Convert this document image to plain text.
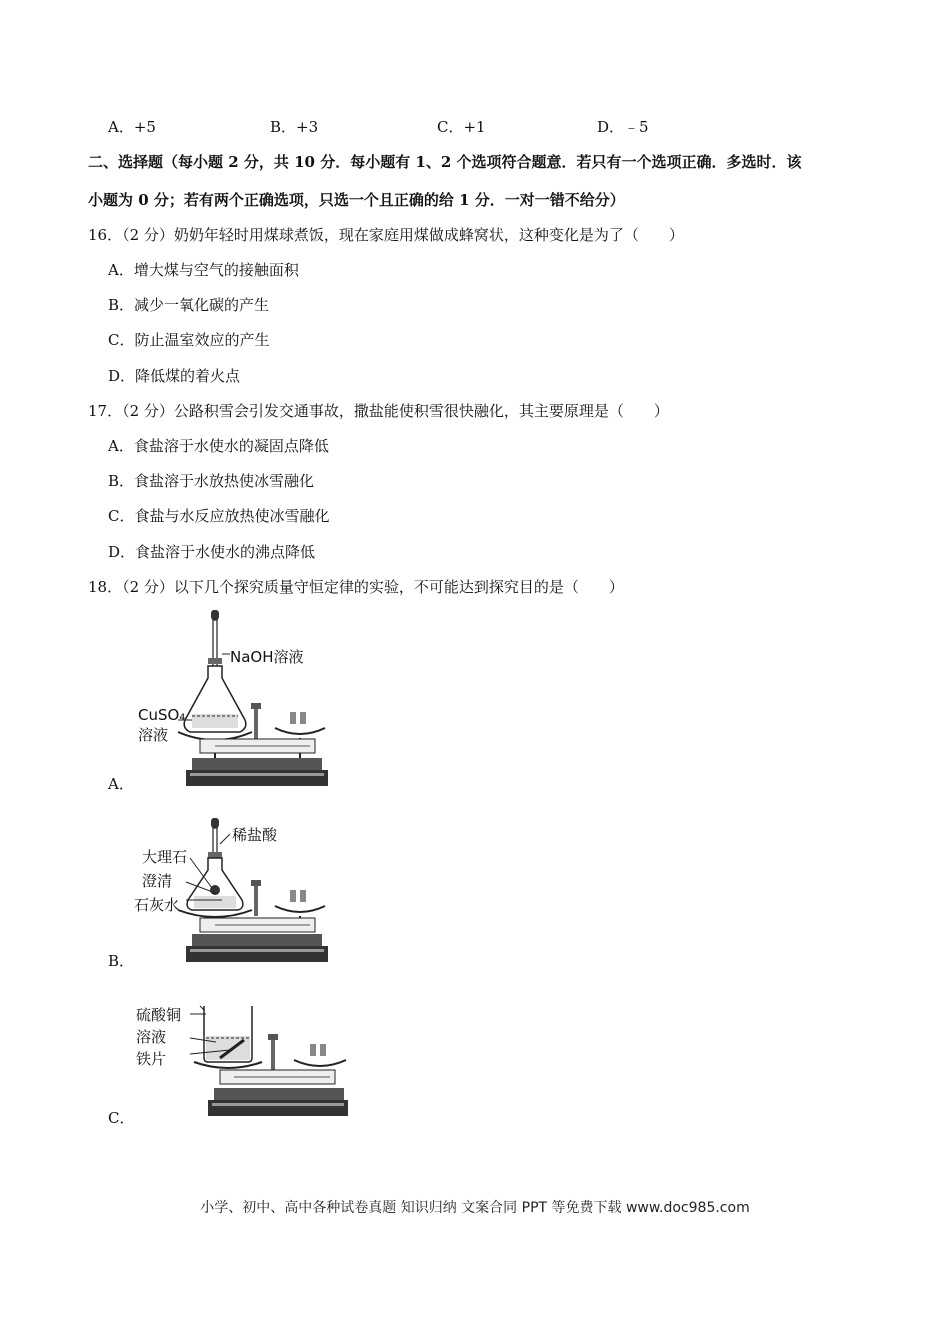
A．+5	B．+3	C．+1	D．﹣5
二、选择题（每小题 2 分，共 10 分．每小题有 1、2 个选项符合题意．若只有一个选项正确．多选时．该
小题为 0 分；若有两个正确选项，只选一个且正确的给 1 分．一对一错不给分）
16．（2 分）奶奶年轻时用煤球煮饭，现在家庭用煤做成蜂窝状，这种变化是为了（　　）
A．增大煤与空气的接触面积
B．减少一氧化碳的产生
C．防止温室效应的产生
D．降低煤的着火点
17．（2 分）公路积雪会引发交通事故，撒盐能使积雪很快融化，其主要原理是（　　）
A．食盐溶于水使水的凝固点降低
B．食盐溶于水放热使冰雪融化
C．食盐与水反应放热使冰雪融化
D．食盐溶于水使水的沸点降低
18．（2 分）以下几个探究质量守恒定律的实验，不可能达到探究目的是（　　）
NaOH溶液
CuSO₄
溶液
A．
稀盐酸
大理石
澄清
石灰水
B．
硫酸铜
溶液
铁片
C．
小学、初中、高中各种试卷真题 知识归纳 文案合同 PPT 等免费下载 www.doc985.com
